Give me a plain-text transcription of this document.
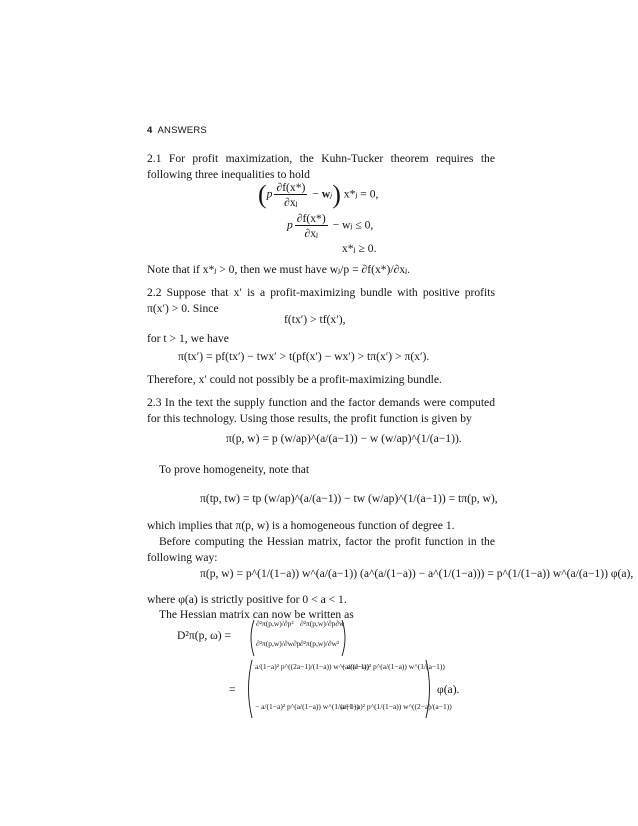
4 ANSWERS

2.1 For profit maximization, the Kuhn-Tucker theorem requires the following three inequalities to hold

$(p \frac{\partial f(x*)}{\text{∂xⱼ}} - wj)$ x*ⱼ = 0,
p $\frac{\partial f(x*)}{\text{∂xⱼ}}$ − wⱼ ≤ 0,
x*ⱼ ≥ 0.

Note that if x*ⱼ > 0, then we must have wⱼ/p = ∂f(x*)/∂xⱼ.

2.2 Suppose that x′ is a profit-maximizing bundle with positive profits π(x′) > 0. Since

f(tx′) > tf(x′),

for t > 1, we have

π(tx′) = pf(tx′) − twx′ > t(pf(x′) − wx′) > tπ(x′) > π(x′).

Therefore, x′ could not possibly be a profit-maximizing bundle.

2.3 In the text the supply function and the factor demands were computed for this technology. Using those results, the profit function is given by

π(p, w) = p (w/ap)^(a/(a−1)) − w (w/ap)^(1/(a−1)).

To prove homogeneity, note that

π(tp, tw) = tp (w/ap)^(a/(a−1)) − tw (w/ap)^(1/(a−1)) = tπ(p, w),

which implies that π(p, w) is a homogeneous function of degree 1.

Before computing the Hessian matrix, factor the profit function in the following way:

π(p, w) = p^(1/(1−a)) w^(a/(a−1)) (a^(a/(1−a)) − a^(1/(1−a))) = p^(1/(1−a)) w^(a/(a−1)) φ(a),

where φ(a) is strictly positive for 0 < a < 1.

The Hessian matrix can now be written as

D²π(p, ω) =
∂²π(p,w)/∂p² ∂²π(p,w)/∂p∂w
∂²π(p,w)/∂w∂p ∂²π(p,w)/∂w²
=
a/(1−a)² p^((2a−1)/(1−a)) w^(a/(a−1))
− a/(1−a)² p^(a/(1−a)) w^(1/(a−1))
− a/(1−a)² p^(a/(1−a)) w^(1/(a−1))
a/(1−a)² p^(1/(1−a)) w^((2−a)/(a−1))
φ(a).
